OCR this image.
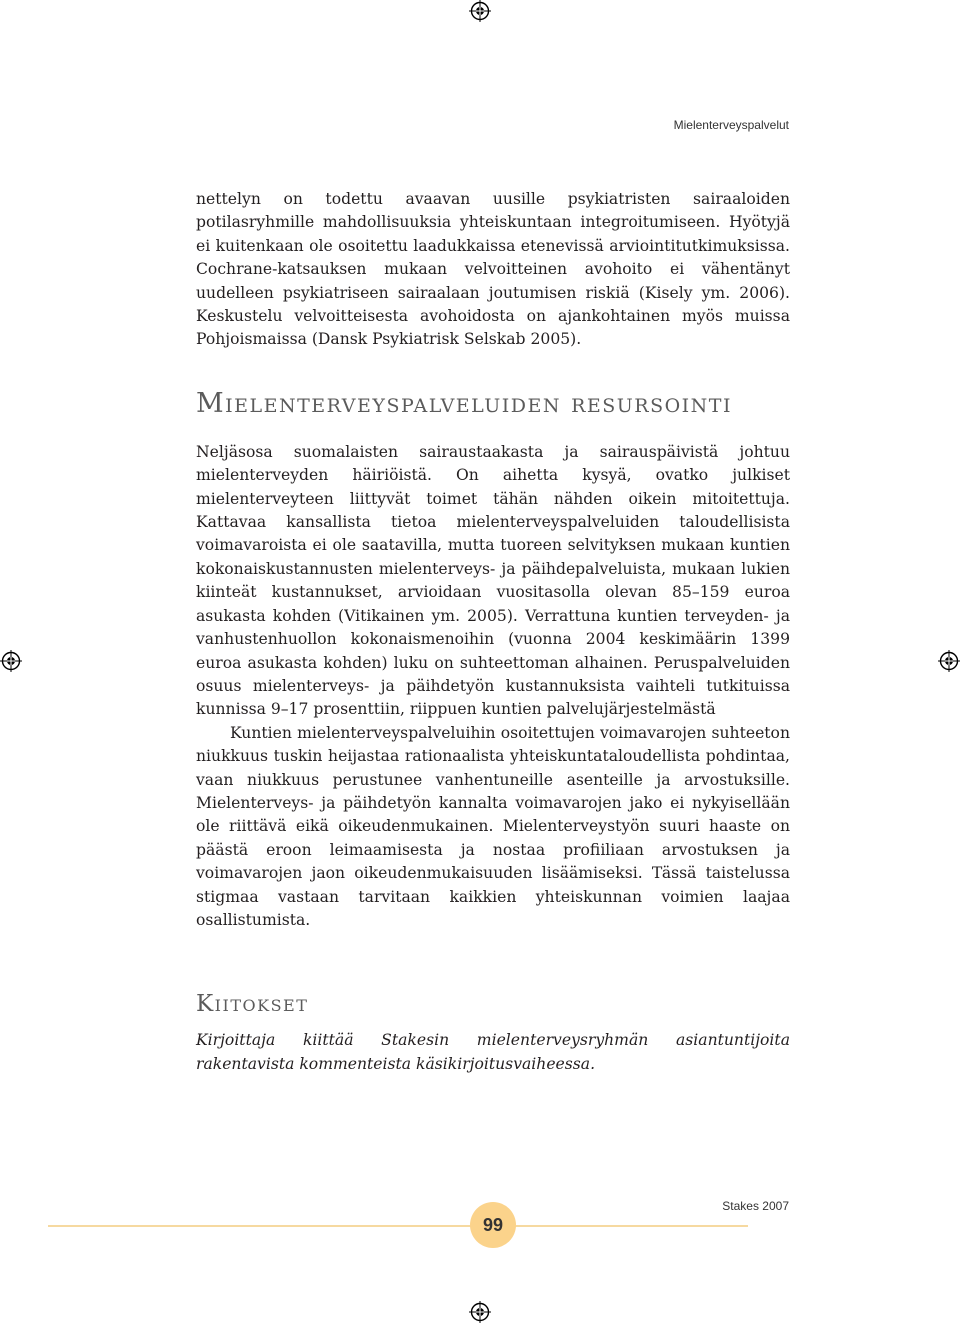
Mielenterveyspalvelut

nettelyn on todettu avaavan uusille psykiatristen sairaaloiden potilasryhmille mahdollisuuksia yhteiskuntaan integroitumiseen. Hyötyjä ei kuitenkaan ole osoitettu laadukkaissa etenevissä arviointitutkimuksissa. Cochrane-katsauksen mukaan velvoitteinen avohoito ei vähentänyt uudelleen psykiatriseen sairaalaan joutumisen riskiä (Kisely ym. 2006). Keskustelu velvoitteisesta avohoidosta on ajankohtainen myös muissa Pohjoismaissa (Dansk Psykiatrisk Selskab 2005).

Mielenterveyspalveluiden resursointi

Neljäsosa suomalaisten sairaustaakasta ja sairauspäivistä johtuu mielenterveyden häiriöistä. On aihetta kysyä, ovatko julkiset mielenterveyteen liittyvät toimet tähän nähden oikein mitoitettuja. Kattavaa kansallista tietoa mielenterveyspalveluiden taloudellisista voimavaroista ei ole saatavilla, mutta tuoreen selvityksen mukaan kuntien kokonaiskustannusten mielenterveys- ja päihdepalveluista, mukaan lukien kiinteät kustannukset, arvioidaan vuositasolla olevan 85–159 euroa asukasta kohden (Vitikainen ym. 2005). Verrattuna kuntien terveyden- ja vanhustenhuollon kokonaismenoihin (vuonna 2004 keskimäärin 1399 euroa asukasta kohden) luku on suhteettoman alhainen. Peruspalveluiden osuus mielenterveys- ja päihdetyön kustannuksista vaihteli tutkituissa kunnissa 9–17 prosenttiin, riippuen kuntien palvelujärjestelmästä

Kuntien mielenterveyspalveluihin osoitettujen voimavarojen suhteeton niukkuus tuskin heijastaa rationaalista yhteiskuntataloudellista pohdintaa, vaan niukkuus perustunee vanhentuneille asenteille ja arvostuksille. Mielenterveys- ja päihdetyön kannalta voimavarojen jako ei nykyisellään ole riittävä eikä oikeudenmukainen. Mielenterveystyön suuri haaste on päästä eroon leimaamisesta ja nostaa profiiliaan arvostuksen ja voimavarojen jaon oikeudenmukaisuuden lisäämiseksi. Tässä taistelussa stigmaa vastaan tarvitaan kaikkien yhteiskunnan voimien laajaa osallistumista.

Kiitokset

Kirjoittaja kiittää Stakesin mielenterveysryhmän asiantuntijoita rakentavista kommenteista käsikirjoitusvaiheessa.

99
Stakes 2007
